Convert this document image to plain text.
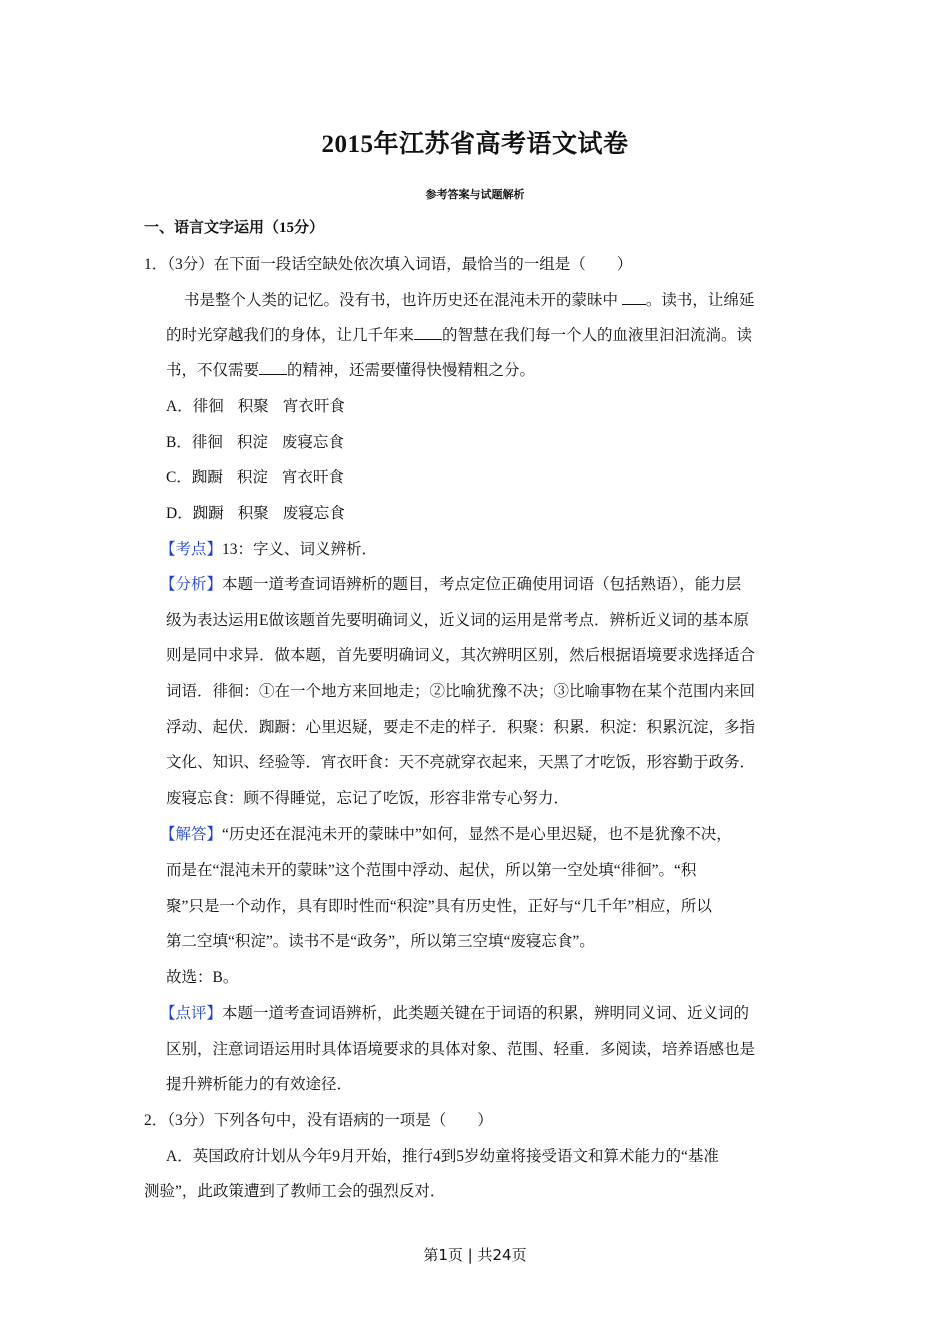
2015年江苏省高考语文试卷
参考答案与试题解析
一、语言文字运用（15分）
1．（3分）在下面一段话空缺处依次填入词语，最恰当的一组是（　　）
书是整个人类的记忆。没有书，也许历史还在混沌未开的蒙昧中 。读书，让绵延
的时光穿越我们的身体，让几千年来 的智慧在我们每一个人的血液里汩汩流淌。读
书，不仅需要 的精神，还需要懂得快慢精粗之分。
A．徘徊 积聚 宵衣旰食
B．徘徊 积淀 废寝忘食
C．踟蹰 积淀 宵衣旰食
D．踟蹰 积聚 废寝忘食
【考点】13：字义、词义辨析．
【分析】本题一道考查词语辨析的题目，考点定位正确使用词语（包括熟语），能力层
级为表达运用E做该题首先要明确词义，近义词的运用是常考点．辨析近义词的基本原
则是同中求异．做本题，首先要明确词义，其次辨明区别，然后根据语境要求选择适合
词语．徘徊：①在一个地方来回地走；②比喻犹豫不决；③比喻事物在某个范围内来回
浮动、起伏．踟蹰：心里迟疑，要走不走的样子．积聚：积累．积淀：积累沉淀，多指
文化、知识、经验等．宵衣旰食：天不亮就穿衣起来，天黑了才吃饭，形容勤于政务．
废寝忘食：顾不得睡觉，忘记了吃饭，形容非常专心努力．
【解答】“历史还在混沌未开的蒙昧中”如何，显然不是心里迟疑，也不是犹豫不决，
而是在“混沌未开的蒙昧”这个范围中浮动、起伏，所以第一空处填“徘徊”。“积
聚”只是一个动作，具有即时性而“积淀”具有历史性，正好与“几千年”相应，所以
第二空填“积淀”。读书不是“政务”，所以第三空填“废寝忘食”。
故选：B。
【点评】本题一道考查词语辨析，此类题关键在于词语的积累，辨明同义词、近义词的
区别，注意词语运用时具体语境要求的具体对象、范围、轻重．多阅读，培养语感也是
提升辨析能力的有效途径．
2．（3分）下列各句中，没有语病的一项是（　　）
A．英国政府计划从今年9月开始，推行4到5岁幼童将接受语文和算术能力的“基准
测验”，此政策遭到了教师工会的强烈反对．
第1页 | 共24页
